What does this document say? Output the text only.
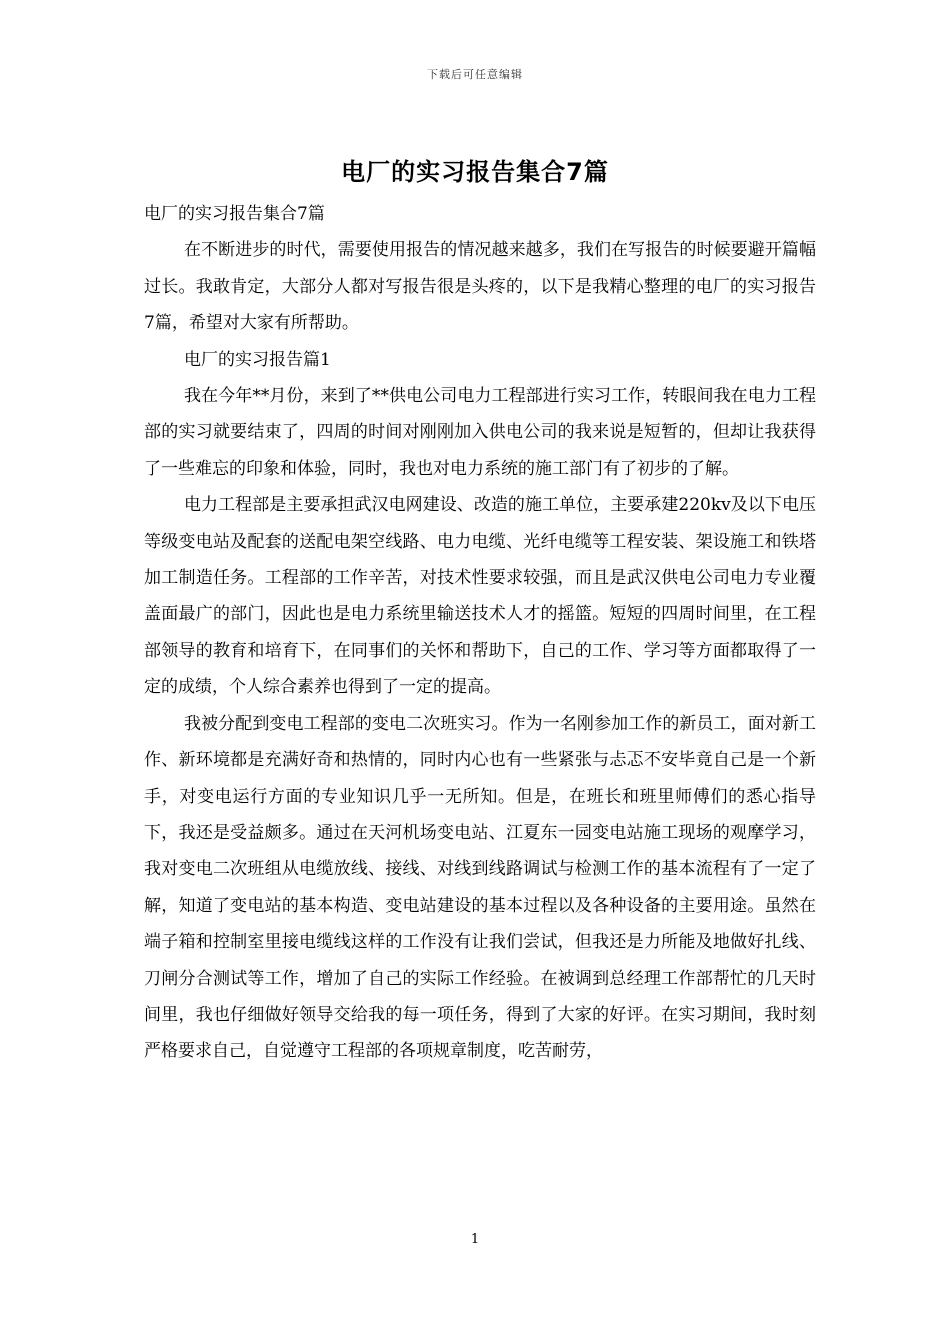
下载后可任意编辑
电厂的实习报告集合7篇

电厂的实习报告集合7篇

在不断进步的时代，需要使用报告的情况越来越多，我们在写报告的时候要避开篇幅过长。我敢肯定，大部分人都对写报告很是头疼的，以下是我精心整理的电厂的实习报告7篇，希望对大家有所帮助。

电厂的实习报告篇1

我在今年**月份，来到了**供电公司电力工程部进行实习工作，转眼间我在电力工程部的实习就要结束了，四周的时间对刚刚加入供电公司的我来说是短暂的，但却让我获得了一些难忘的印象和体验，同时，我也对电力系统的施工部门有了初步的了解。

电力工程部是主要承担武汉电网建设、改造的施工单位，主要承建220kv及以下电压等级变电站及配套的送配电架空线路、电力电缆、光纤电缆等工程安装、架设施工和铁塔加工制造任务。工程部的工作辛苦，对技术性要求较强，而且是武汉供电公司电力专业覆盖面最广的部门，因此也是电力系统里输送技术人才的摇篮。短短的四周时间里，在工程部领导的教育和培育下，在同事们的关怀和帮助下，自己的工作、学习等方面都取得了一定的成绩，个人综合素养也得到了一定的提高。

我被分配到变电工程部的变电二次班实习。作为一名刚参加工作的新员工，面对新工作、新环境都是充满好奇和热情的，同时内心也有一些紧张与忐忑不安毕竟自己是一个新手，对变电运行方面的专业知识几乎一无所知。但是，在班长和班里师傅们的悉心指导下，我还是受益颇多。通过在天河机场变电站、江夏东一园变电站施工现场的观摩学习，我对变电二次班组从电缆放线、接线、对线到线路调试与检测工作的基本流程有了一定了解，知道了变电站的基本构造、变电站建设的基本过程以及各种设备的主要用途。虽然在端子箱和控制室里接电缆线这样的工作没有让我们尝试，但我还是力所能及地做好扎线、刀闸分合测试等工作，增加了自己的实际工作经验。在被调到总经理工作部帮忙的几天时间里，我也仔细做好领导交给我的每一项任务，得到了大家的好评。在实习期间，我时刻严格要求自己，自觉遵守工程部的各项规章制度，吃苦耐劳，

1
